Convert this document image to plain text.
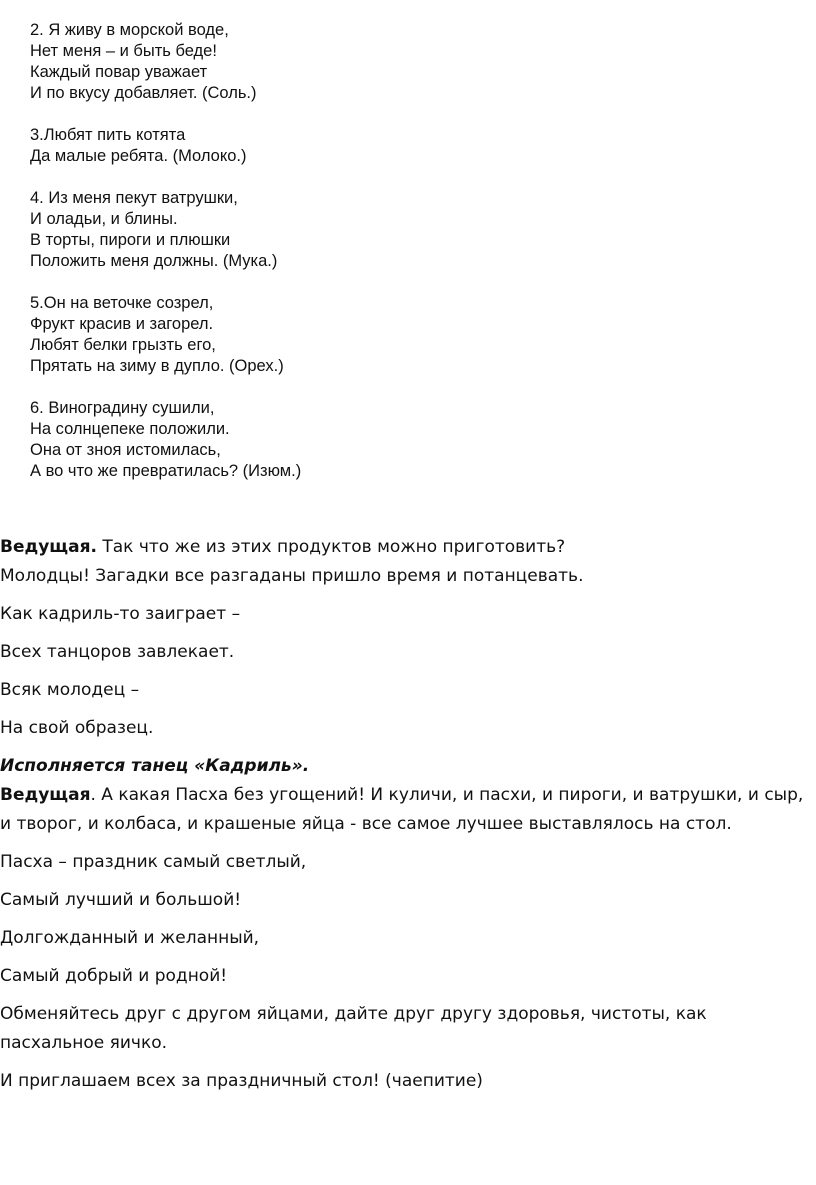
2. Я живу в морской воде,
Нет меня – и быть беде!
Каждый повар уважает
И по вкусу добавляет. (Соль.)
3.Любят пить котята
Да малые ребята. (Молоко.)
4. Из меня пекут ватрушки,
И оладьи, и блины.
В торты, пироги и плюшки
Положить меня должны. (Мука.)
5.Он на веточке созрел,
Фрукт красив и загорел.
Любят белки грызть его,
Прятать на зиму в дупло. (Орех.)
6. Виноградину сушили,
На солнцепеке положили.
Она от зноя истомилась,
А во что же превратилась? (Изюм.)

Ведущая. Так что же из этих продуктов можно приготовить?

Молодцы! Загадки все разгаданы пришло время и потанцевать.

Как кадриль-то заиграет –

Всех танцоров завлекает.

Всяк молодец –

На свой образец.

Исполняется танец «Кадриль».

Ведущая. А какая Пасха без угощений! И куличи, и пасхи, и пироги, и ватрушки, и сыр, и творог, и колбаса, и крашеные яйца - все самое лучшее выставлялось на стол.

Пасха – праздник самый светлый,

Самый лучший и большой!

Долгожданный и желанный,

Самый добрый и родной!

Обменяйтесь друг с другом яйцами, дайте друг другу здоровья, чистоты, как пасхальное яичко.

И приглашаем всех за праздничный стол! (чаепитие)
